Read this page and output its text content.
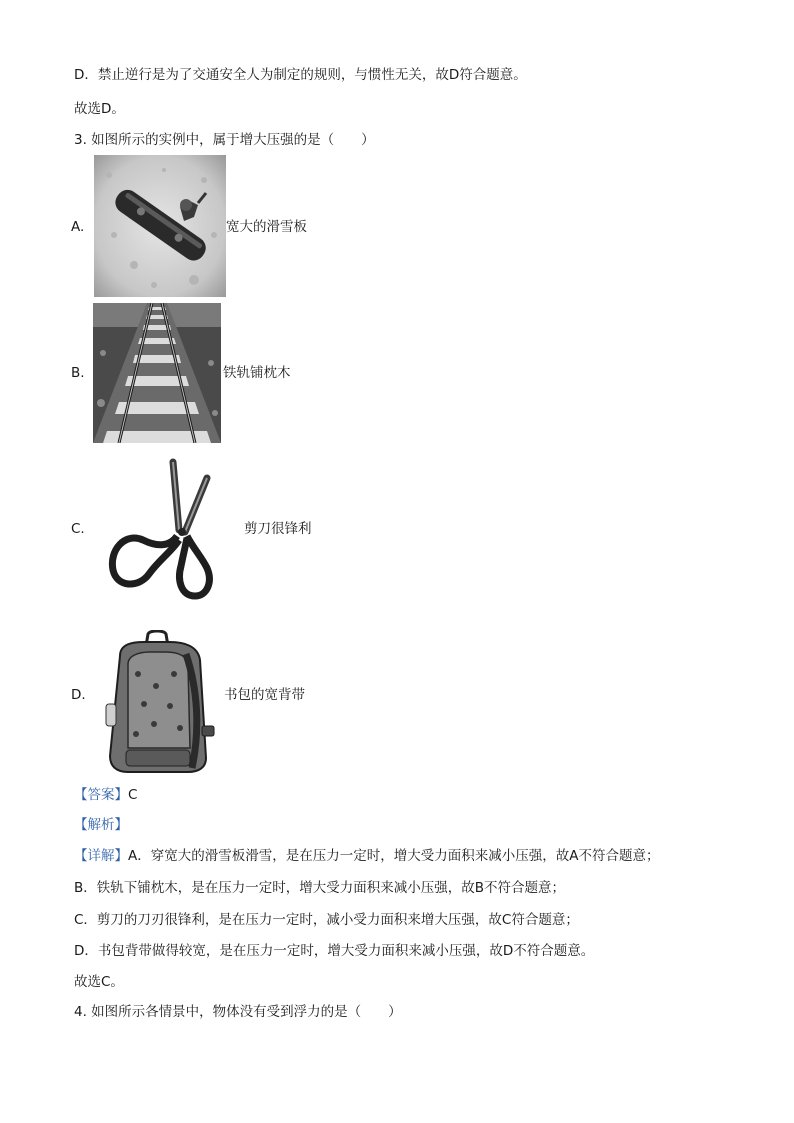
D．禁止逆行是为了交通安全人为制定的规则，与惯性无关，故D符合题意。
故选D。
3. 如图所示的实例中，属于增大压强的是（　　）
A.	宽大的滑雪板
B.	铁轨铺枕木
C.	剪刀很锋利
D.	书包的宽背带
【答案】C
【解析】
【详解】A．穿宽大的滑雪板滑雪，是在压力一定时，增大受力面积来减小压强，故A不符合题意；
B．铁轨下铺枕木，是在压力一定时，增大受力面积来减小压强，故B不符合题意；
C．剪刀的刀刃很锋利，是在压力一定时，减小受力面积来增大压强，故C符合题意；
D．书包背带做得较宽，是在压力一定时，增大受力面积来减小压强，故D不符合题意。
故选C。
4. 如图所示各情景中，物体没有受到浮力的是（　　）
